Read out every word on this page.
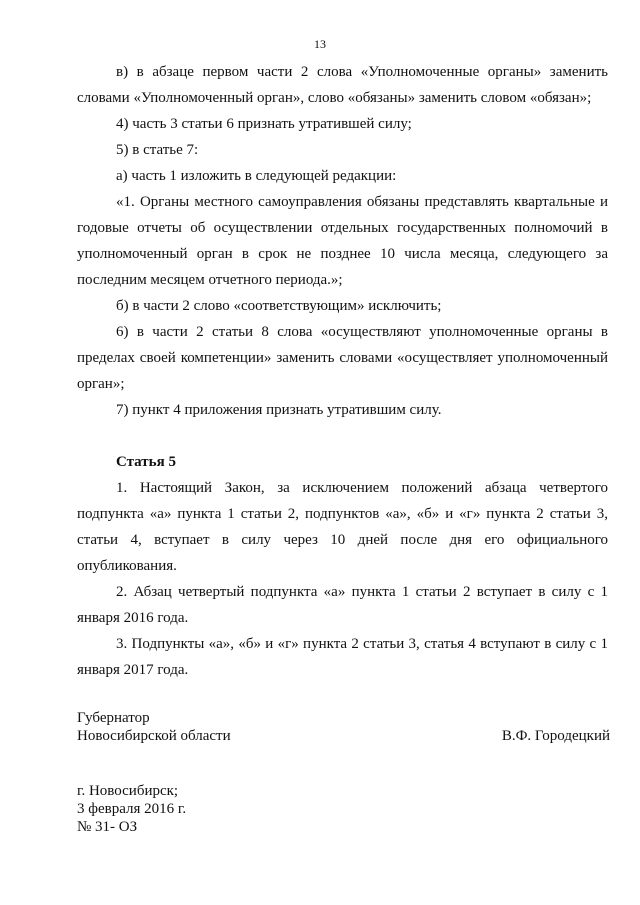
13

в) в абзаце первом части 2 слова «Уполномоченные органы» заменить словами «Уполномоченный орган», слово «обязаны» заменить словом «обязан»;

4) часть 3 статьи 6 признать утратившей силу;

5) в статье 7:

а) часть 1 изложить в следующей редакции:

«1. Органы местного самоуправления обязаны представлять квартальные и годовые отчеты об осуществлении отдельных государственных полномочий в уполномоченный орган в срок не позднее 10 числа месяца, следующего за последним месяцем отчетного периода.»;

б) в части 2 слово «соответствующим» исключить;

6) в части 2 статьи 8 слова «осуществляют уполномоченные органы в пределах своей компетенции» заменить словами «осуществляет уполномоченный орган»;

7) пункт 4 приложения признать утратившим силу.

Статья 5

1. Настоящий Закон, за исключением положений абзаца четвертого подпункта «а» пункта 1 статьи 2, подпунктов «а», «б» и «г» пункта 2 статьи 3, статьи 4, вступает в силу через 10 дней после дня его официального опубликования.

2. Абзац четвертый подпункта «а» пункта 1 статьи 2 вступает в силу с 1 января 2016 года.

3. Подпункты «а», «б» и «г» пункта 2 статьи 3, статья 4 вступают в силу с 1 января 2017 года.

Губернатор
Новосибирской области	В.Ф. Городецкий
г. Новосибирск;
3 февраля 2016 г.
№ 31- ОЗ
